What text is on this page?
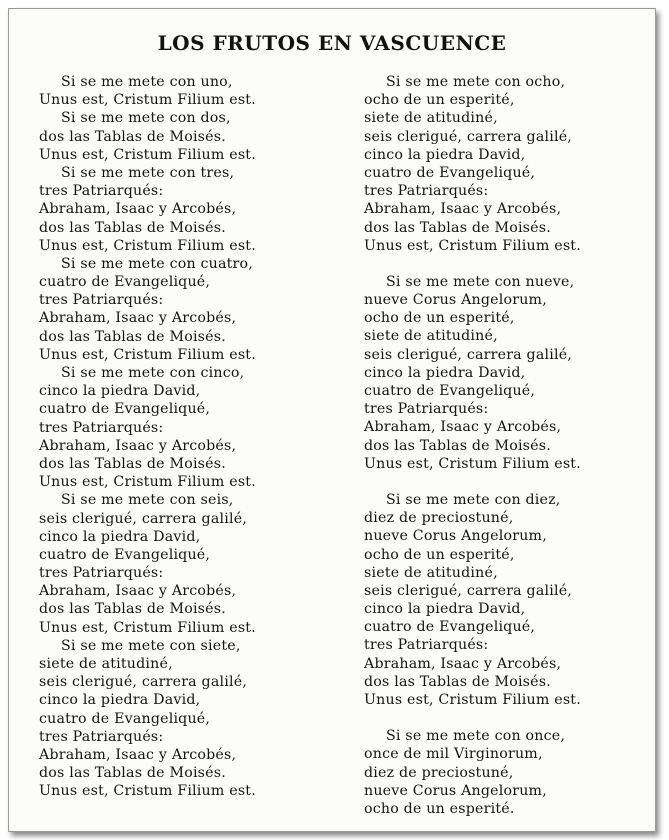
LOS FRUTOS EN VASCUENCE
Si se me mete con uno,
Unus est, Cristum Filium est.
Si se me mete con dos,
dos las Tablas de Moisés.
Unus est, Cristum Filium est.
Si se me mete con tres,
tres Patriarqués:
Abraham, Isaac y Arcobés,
dos las Tablas de Moisés.
Unus est, Cristum Filium est.
Si se me mete con cuatro,
cuatro de Evangeliqué,
tres Patriarqués:
Abraham, Isaac y Arcobés,
dos las Tablas de Moisés.
Unus est, Cristum Filium est.
Si se me mete con cinco,
cinco la piedra David,
cuatro de Evangeliqué,
tres Patriarqués:
Abraham, Isaac y Arcobés,
dos las Tablas de Moisés.
Unus est, Cristum Filium est.
Si se me mete con seis,
seis clerigué, carrera galilé,
cinco la piedra David,
cuatro de Evangeliqué,
tres Patriarqués:
Abraham, Isaac y Arcobés,
dos las Tablas de Moisés.
Unus est, Cristum Filium est.
Si se me mete con siete,
siete de atitudiné,
seis clerigué, carrera galilé,
cinco la piedra David,
cuatro de Evangeliqué,
tres Patriarqués:
Abraham, Isaac y Arcobés,
dos las Tablas de Moisés.
Unus est, Cristum Filium est.
Si se me mete con ocho,
ocho de un esperité,
siete de atitudiné,
seis clerigué, carrera galilé,
cinco la piedra David,
cuatro de Evangeliqué,
tres Patriarqués:
Abraham, Isaac y Arcobés,
dos las Tablas de Moisés.
Unus est, Cristum Filium est.
Si se me mete con nueve,
nueve Corus Angelorum,
ocho de un esperité,
siete de atitudiné,
seis clerigué, carrera galilé,
cinco la piedra David,
cuatro de Evangeliqué,
tres Patriarqués:
Abraham, Isaac y Arcobés,
dos las Tablas de Moisés.
Unus est, Cristum Filium est.
Si se me mete con diez,
diez de preciostuné,
nueve Corus Angelorum,
ocho de un esperité,
siete de atitudiné,
seis clerigué, carrera galilé,
cinco la piedra David,
cuatro de Evangeliqué,
tres Patriarqués:
Abraham, Isaac y Arcobés,
dos las Tablas de Moisés.
Unus est, Cristum Filium est.
Si se me mete con once,
once de mil Virginorum,
diez de preciostuné,
nueve Corus Angelorum,
ocho de un esperité.
